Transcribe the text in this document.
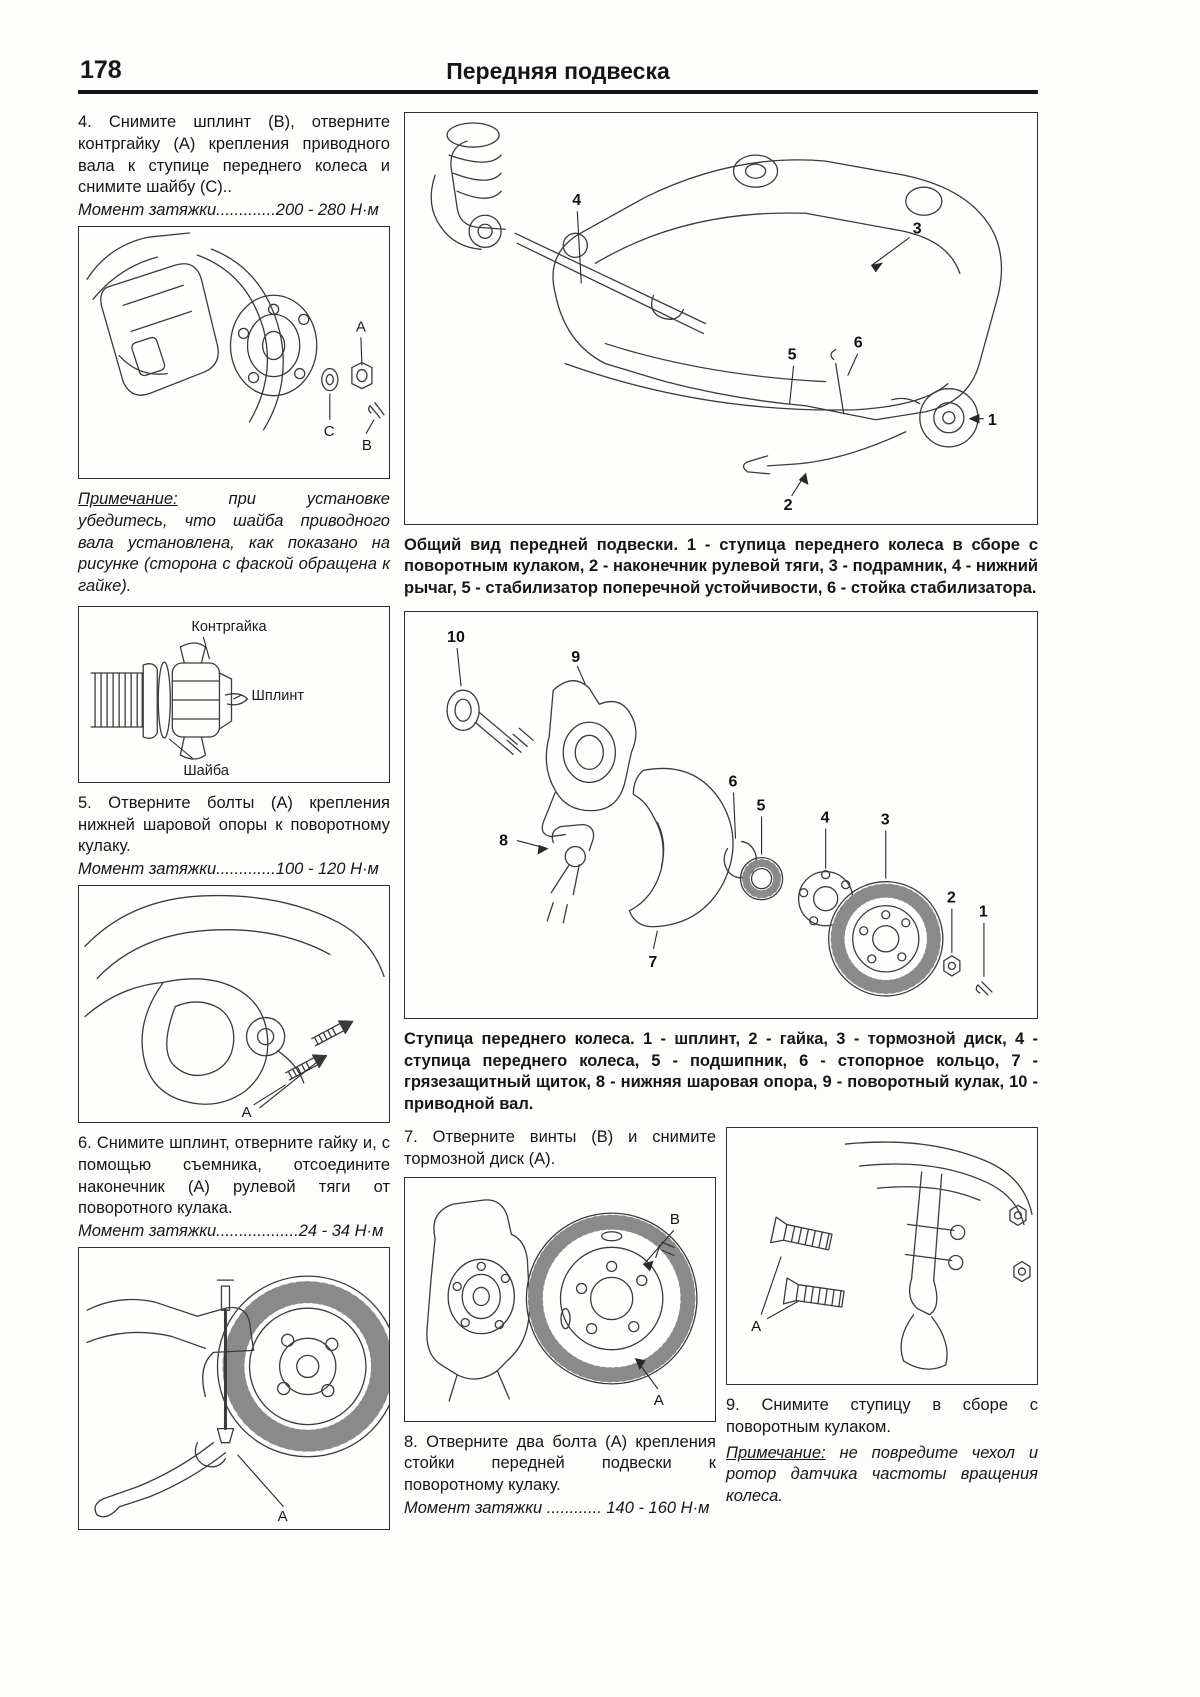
178	Передняя подвеска

4. Снимите шплинт (В), отверните контргайку (А) крепления приводного вала к ступице переднего колеса и снимите шайбу (С)..

Момент затяжки.............200 - 280 Н·м

A
C
B

Примечание: при установке убедитесь, что шайба приводного вала установлена, как показано на рисунке (сторона с фаской обращена к гайке).

Контргайка
Шплинт
Шайба

5. Отверните болты (А) крепления нижней шаровой опоры к поворотному кулаку.

Момент затяжки.............100 - 120 Н·м

A

6. Снимите шплинт, отверните гайку и, с помощью съемника, отсоедините наконечник (А) рулевой тяги от поворотного кулака.

Момент затяжки..................24 - 34 Н·м

A
4
3
6
5
1
2

Общий вид передней подвески. 1 - ступица переднего колеса в сборе с поворотным кулаком, 2 - наконечник рулевой тяги, 3 - подрамник, 4 - нижний рычаг, 5 - стабилизатор поперечной устойчивости, 6 - стойка стабилизатора.

10
9
8
7
6
5
4	3
2
1

Ступица переднего колеса. 1 - шплинт, 2 - гайка, 3 - тормозной диск, 4 - ступица переднего колеса, 5 - подшипник, 6 - стопорное кольцо, 7 - грязезащитный щиток, 8 - нижняя шаровая опора, 9 - поворотный кулак, 10 - приводной вал.

7. Отверните винты (В) и снимите тормозной диск (А).

B
A

8. Отверните два болта (А) крепления стойки передней подвески к поворотному кулаку.

Момент затяжки ............ 140 - 160 Н·м

A

9. Снимите ступицу в сборе с поворотным кулаком.

Примечание: не повредите чехол и ротор датчика частоты вращения колеса.
